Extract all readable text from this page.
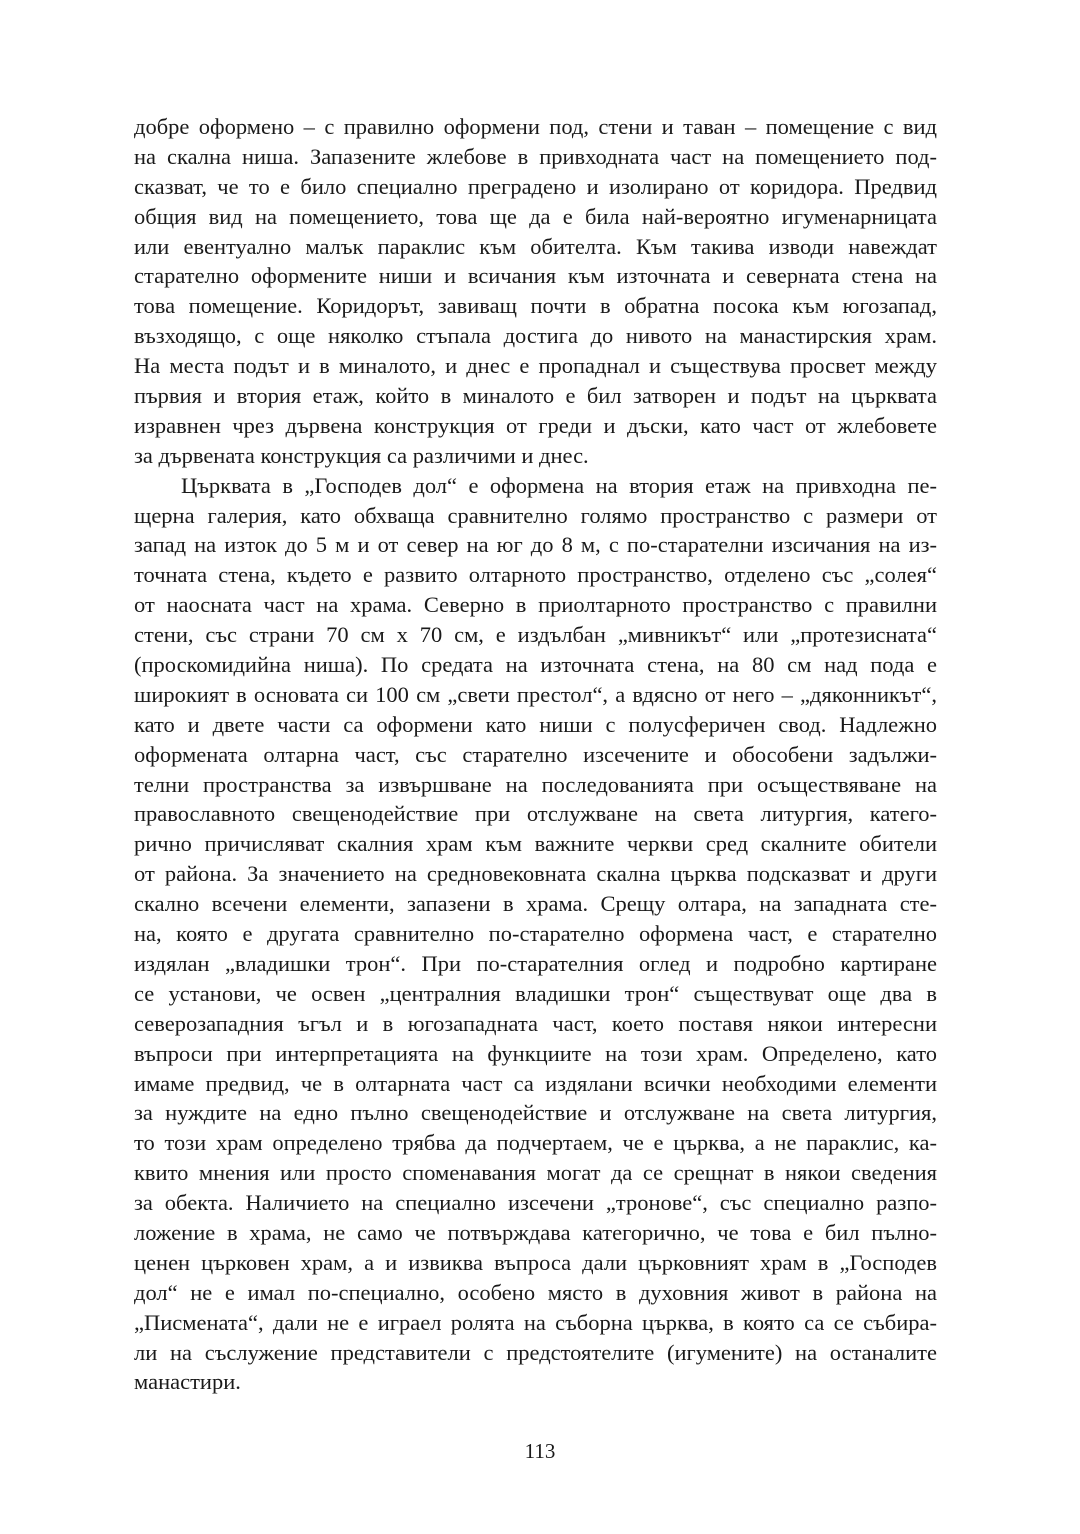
добре оформено – с правилно оформени под, стени и таван – помещение с вид
на скална ниша. Запазените жлебове в привходната част на помещението под-
сказват, че то е било специално преградено и изолирано от коридора. Предвид
общия вид на помещението, това ще да е била най-вероятно игуменарницата
или евентуално малък параклис към обителта. Към такива изводи навеждат
старателно оформените ниши и всичания към източната и северната стена на
това помещение. Коридорът, завиващ почти в обратна посока към югозапад,
възходящо, с още няколко стъпала достига до нивото на манастирския храм.
На места подът и в миналото, и днес е пропаднал и съществува просвет между
първия и втория етаж, който в миналото е бил затворен и подът на църквата
изравнен чрез дървена конструкция от греди и дъски, като част от жлебовете
за дървената конструкция са различими и днес.
Църквата в „Господев дол“ е оформена на втория етаж на привходна пе-
щерна галерия, като обхваща сравнително голямо пространство с размери от
запад на изток до 5 м и от север на юг до 8 м, с по-старателни изсичания на из-
точната стена, където е развито олтарното пространство, отделено със „солея“
от наосната част на храма. Северно в приолтарното пространство с правилни
стени, със страни 70 см х 70 см, е издълбан „мивникът“ или „протезисната“
(проскомидийна ниша). По средата на източната стена, на 80 см над пода е
широкият в основата си 100 см „свети престол“, а вдясно от него – „дяконникът“,
като и двете части са оформени като ниши с полусферичен свод. Надлежно
оформената олтарна част, със старателно изсечените и обособени задължи-
телни пространства за извършване на последованията при осъществяване на
православното свещенодействие при отслужване на света литургия, катего-
рично причисляват скалния храм към важните черкви сред скалните обители
от района. За значението на средновековната скална църква подсказват и други
скално всечени елементи, запазени в храма. Срещу олтара, на западната сте-
на, която е другата сравнително по-старателно оформена част, е старателно
издялан „владишки трон“. При по-старателния оглед и подробно картиране
се установи, че освен „централния владишки трон“ съществуват още два в
северозападния ъгъл и в югозападната част, което поставя някои интересни
въпроси при интерпретацията на функциите на този храм. Определено, като
имаме предвид, че в олтарната част са издялани всички необходими елементи
за нуждите на едно пълно свещенодействие и отслужване на света литургия,
то този храм определено трябва да подчертаем, че е църква, а не параклис, ка-
квито мнения или просто споменавания могат да се срещнат в някои сведения
за обекта. Наличието на специално изсечени „тронове“, със специално разпо-
ложение в храма, не само че потвърждава категорично, че това е бил пълно-
ценен църковен храм, а и извиква въпроса дали църковният храм в „Господев
дол“ не е имал по-специално, особено място в духовния живот в района на
„Писмената“, дали не е играел ролята на съборна църква, в която са се събира-
ли на съслужение представители с предстоятелите (игумените) на останалите
манастири.
113
